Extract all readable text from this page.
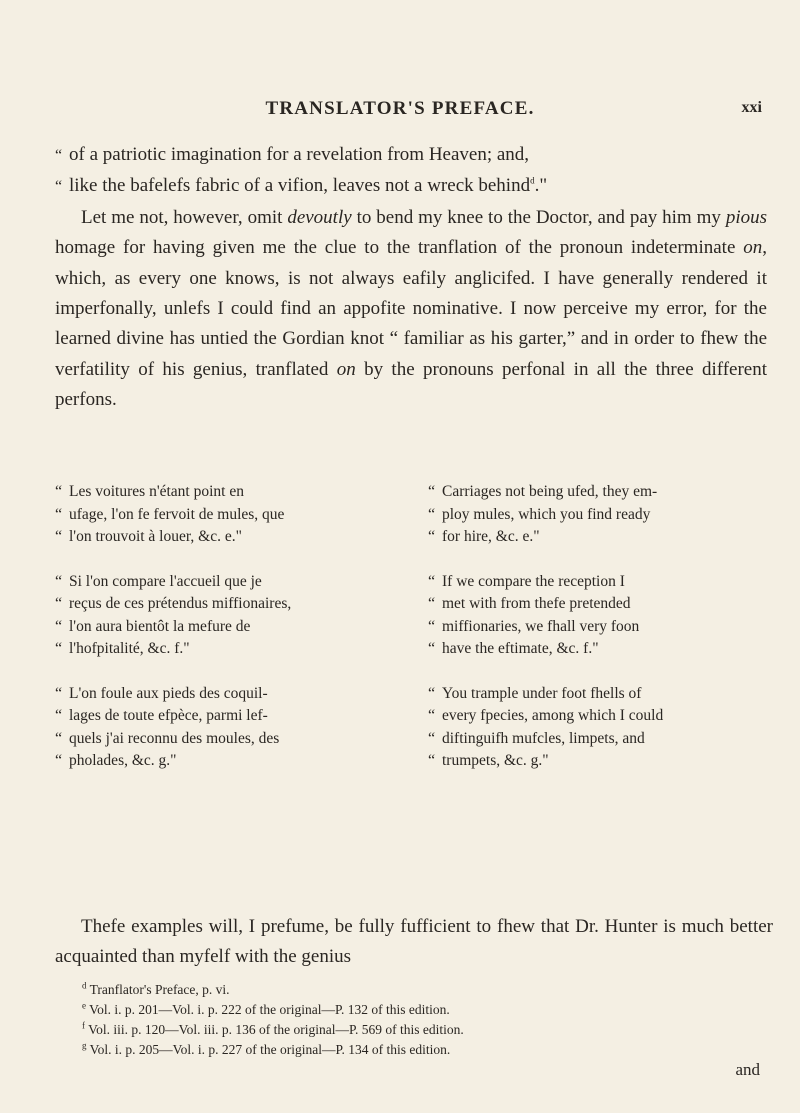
TRANSLATOR'S PREFACE.	xxi

“ of a patriotic imagination for a revelation from Heaven; and,
“ like the bafelefs fabric of a vifion, leaves not a wreck behind$^d$."

Let me not, however, omit devoutly to bend my knee to the Doctor, and pay him my pious homage for having given me the clue to the tranflation of the pronoun indeterminate on, which, as every one knows, is not always eafily anglicifed. I have generally rendered it imperfonally, unlefs I could find an appofite nominative. I now perceive my error, for the learned divine has untied the Gordian knot “ familiar as his garter,” and in order to fhew the verfatility of his genius, tranflated on by the pronouns perfonal in all the three different perfons.

“ Les voitures n'étant point en
“ ufage, l'on fe fervoit de mules, que
“ l'on trouvoit à louer, &c. e."
“ Carriages not being ufed, they em-
“ ploy mules, which you find ready
“ for hire, &c. e."
“ Si l'on compare l'accueil que je
“ reçus de ces prétendus miffionaires,
“ l'on aura bientôt la mefure de
“ l'hofpitalité, &c. f."
“ If we compare the reception I
“ met with from thefe pretended
“ miffionaries, we fhall very foon
“ have the eftimate, &c. f."
“ L'on foule aux pieds des coquil-
“ lages de toute efpèce, parmi lef-
“ quels j'ai reconnu des moules, des
“ pholades, &c. g."
“ You trample under foot fhells of
“ every fpecies, among which I could
“ diftinguifh mufcles, limpets, and
“ trumpets, &c. g."

Thefe examples will, I prefume, be fully fufficient to fhew that Dr. Hunter is much better acquainted than myfelf with the genius

$^d$ Tranflator's Preface, p. vi.
$^e$ Vol. i. p. 201—Vol. i. p. 222 of the original—P. 132 of this edition.
$^f$ Vol. iii. p. 120—Vol. iii. p. 136 of the original—P. 569 of this edition.
$^g$ Vol. i. p. 205—Vol. i. p. 227 of the original—P. 134 of this edition.
and
